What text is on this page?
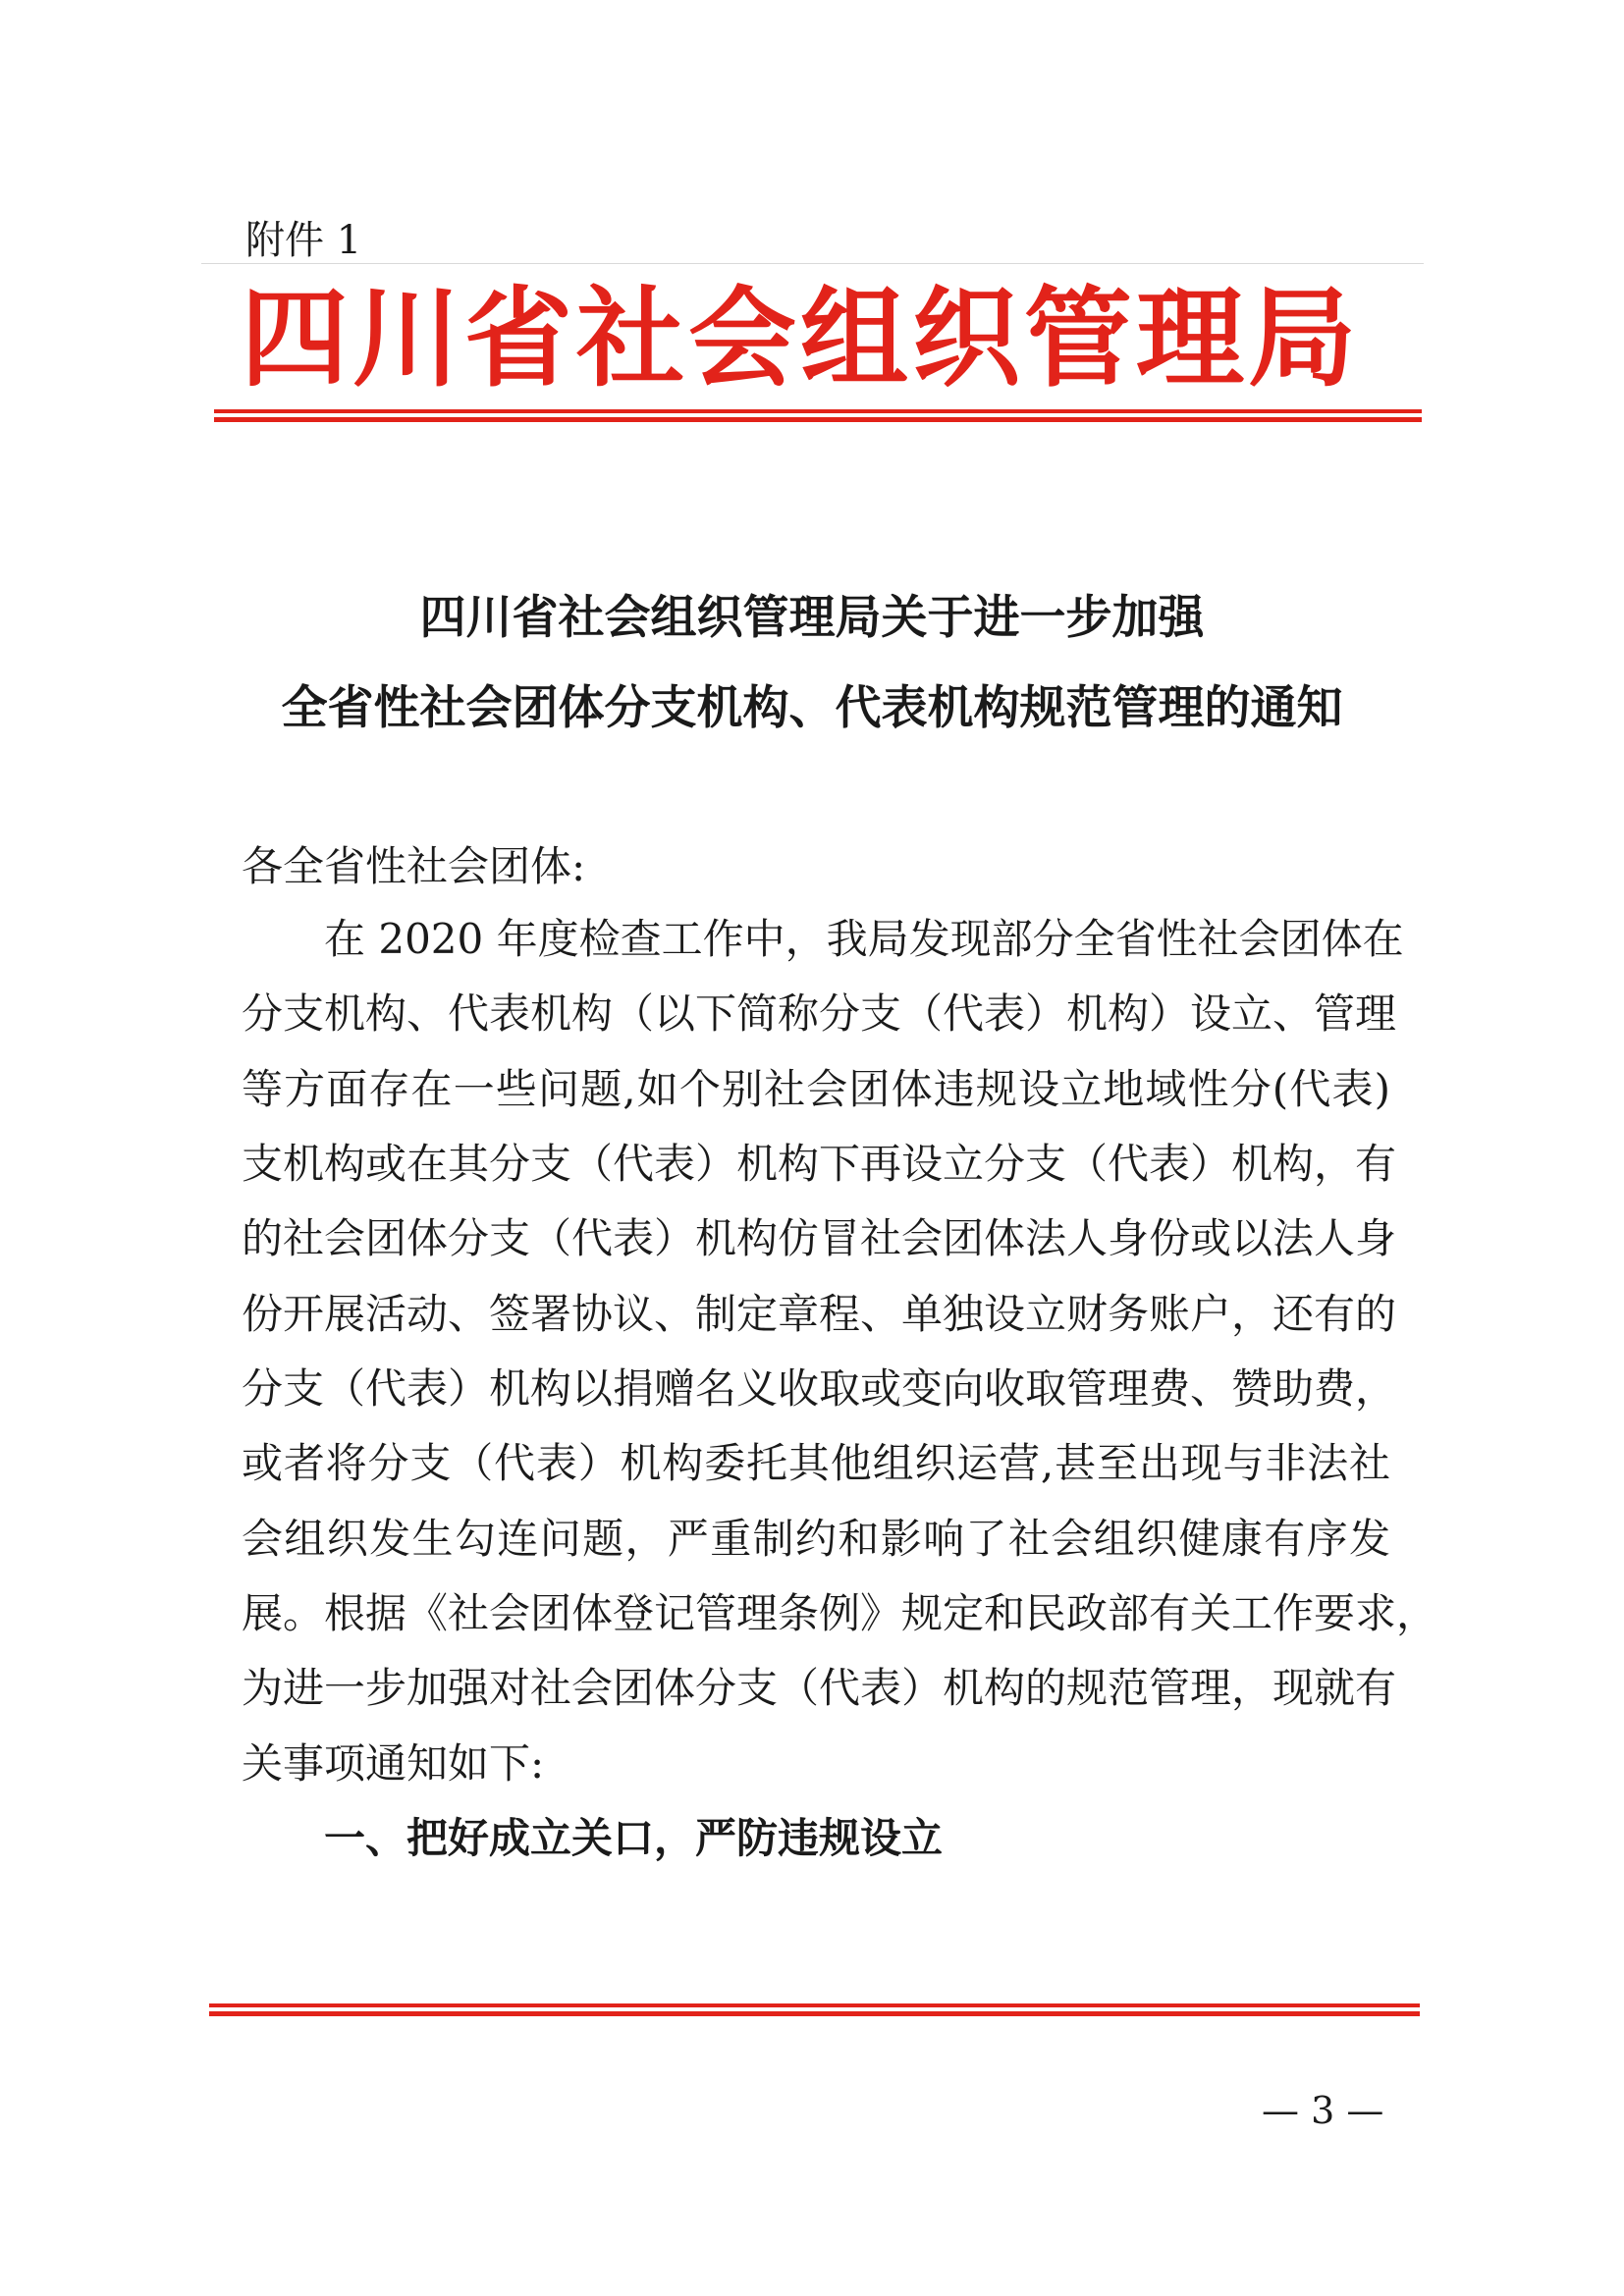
附件 1
四川省社会组织管理局
四川省社会组织管理局关于进一步加强
全省性社会团体分支机构、代表机构规范管理的通知
各全省性社会团体:
在 2020 年度检查工作中，我局发现部分全省性社会团体在
分支机构、代表机构（以下简称分支（代表）机构）设立、管理
等方面存在一些问题,如个别社会团体违规设立地域性分(代表)
支机构或在其分支（代表）机构下再设立分支（代表）机构，有
的社会团体分支（代表）机构仿冒社会团体法人身份或以法人身
份开展活动、签署协议、制定章程、单独设立财务账户，还有的
分支（代表）机构以捐赠名义收取或变向收取管理费、赞助费，
或者将分支（代表）机构委托其他组织运营,甚至出现与非法社
会组织发生勾连问题，严重制约和影响了社会组织健康有序发
展。根据《社会团体登记管理条例》规定和民政部有关工作要求，
为进一步加强对社会团体分支（代表）机构的规范管理，现就有
关事项通知如下:
一、把好成立关口，严防违规设立
— 3 —
